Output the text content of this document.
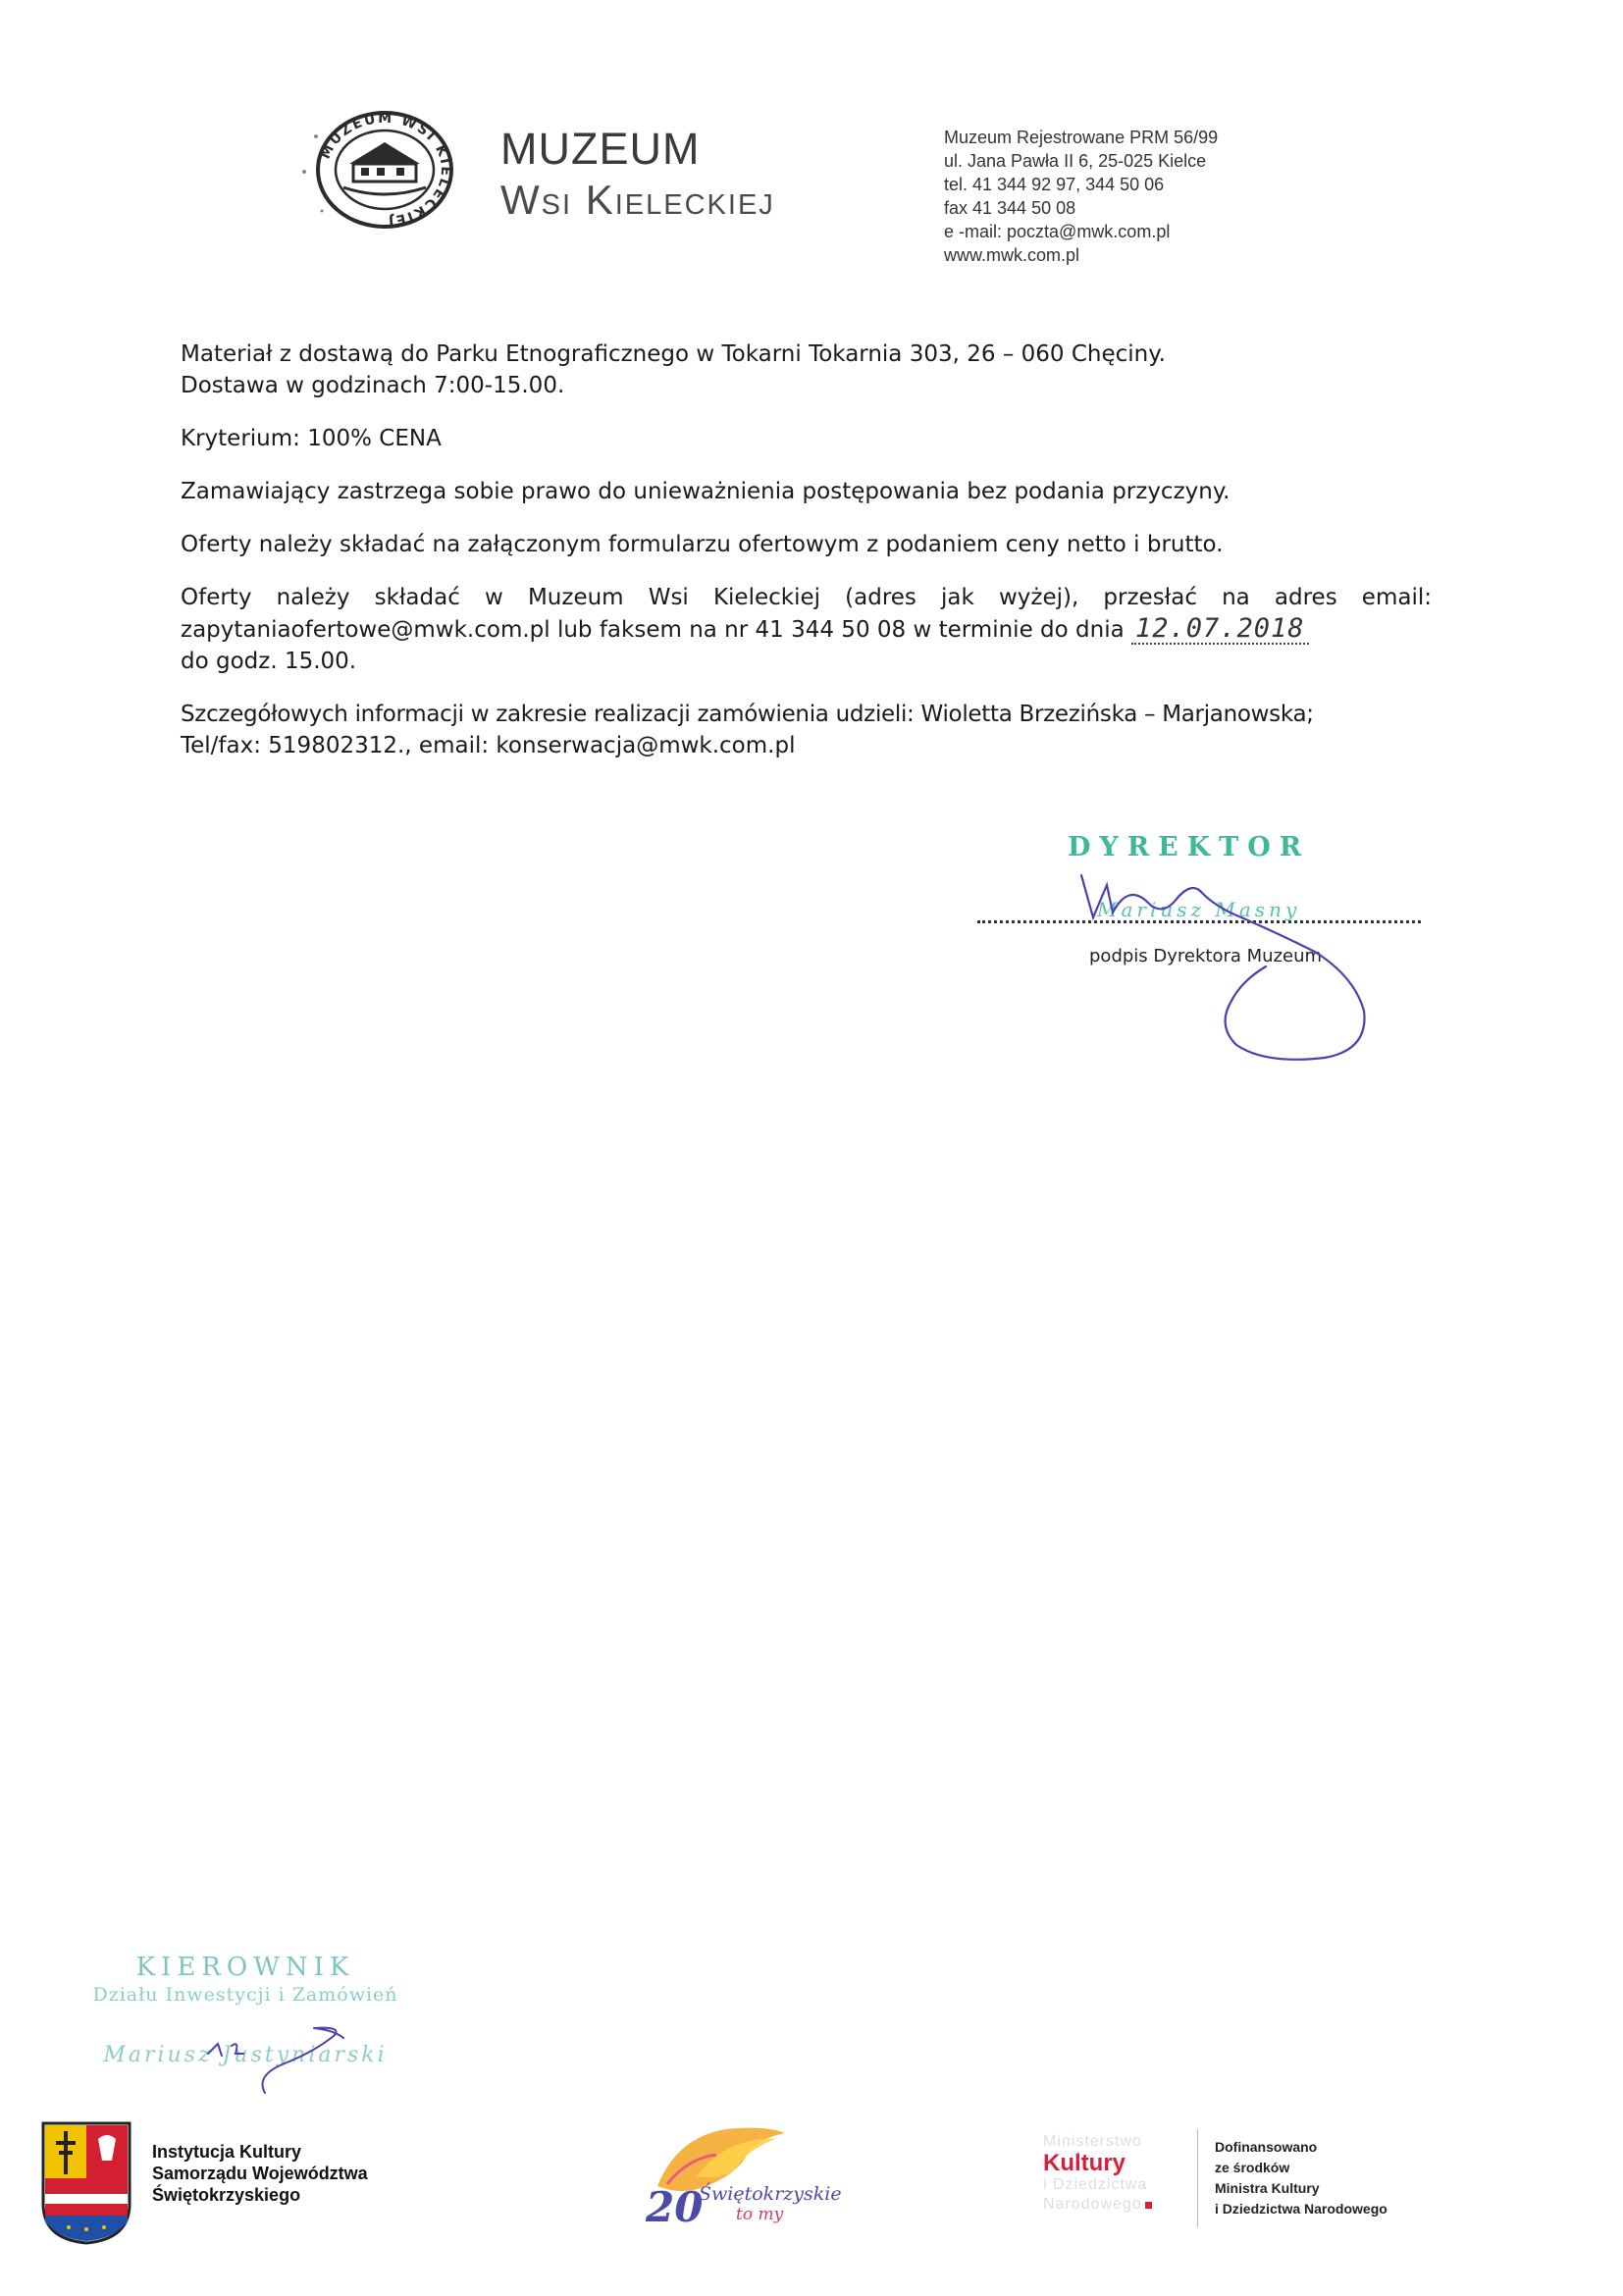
MUZEUM WSI KIELECKIEJ
MUZEUM
Wsi Kieleckiej
Muzeum Rejestrowane PRM 56/99
ul. Jana Pawła II 6, 25-025 Kielce
tel. 41 344 92 97, 344 50 06
fax 41 344 50 08
e -mail: poczta@mwk.com.pl
www.mwk.com.pl

Materiał z dostawą do Parku Etnograficznego w Tokarni Tokarnia 303, 26 – 060 Chęciny.
Dostawa w godzinach 7:00-15.00.

Kryterium: 100% CENA

Zamawiający zastrzega sobie prawo do unieważnienia postępowania bez podania przyczyny.

Oferty należy składać na załączonym formularzu ofertowym z podaniem ceny netto i brutto.

Oferty należy składać w Muzeum Wsi Kieleckiej (adres jak wyżej), przesłać na adres email:
zapytaniaofertowe@mwk.com.pl lub faksem na nr 41 344 50 08 w terminie do dnia 12.07.2018
do godz. 15.00.

Szczegółowych informacji w zakresie realizacji zamówienia udzieli: Wioletta Brzezińska – Marjanowska;
Tel/fax: 519802312., email: konserwacja@mwk.com.pl

DYREKTOR
Mariusz Masny
podpis Dyrektora Muzeum
KIEROWNIK
Działu Inwestycji i Zamówień
Mariusz Justyniarski
Instytucja Kultury
Samorządu Województwa
Świętokrzyskiego	20
Świętokrzyskie
to my
Ministerstwo
Kultury
i Dziedzictwa
Narodowego
Dofinansowano
ze środków
Ministra Kultury
i Dziedzictwa Narodowego
